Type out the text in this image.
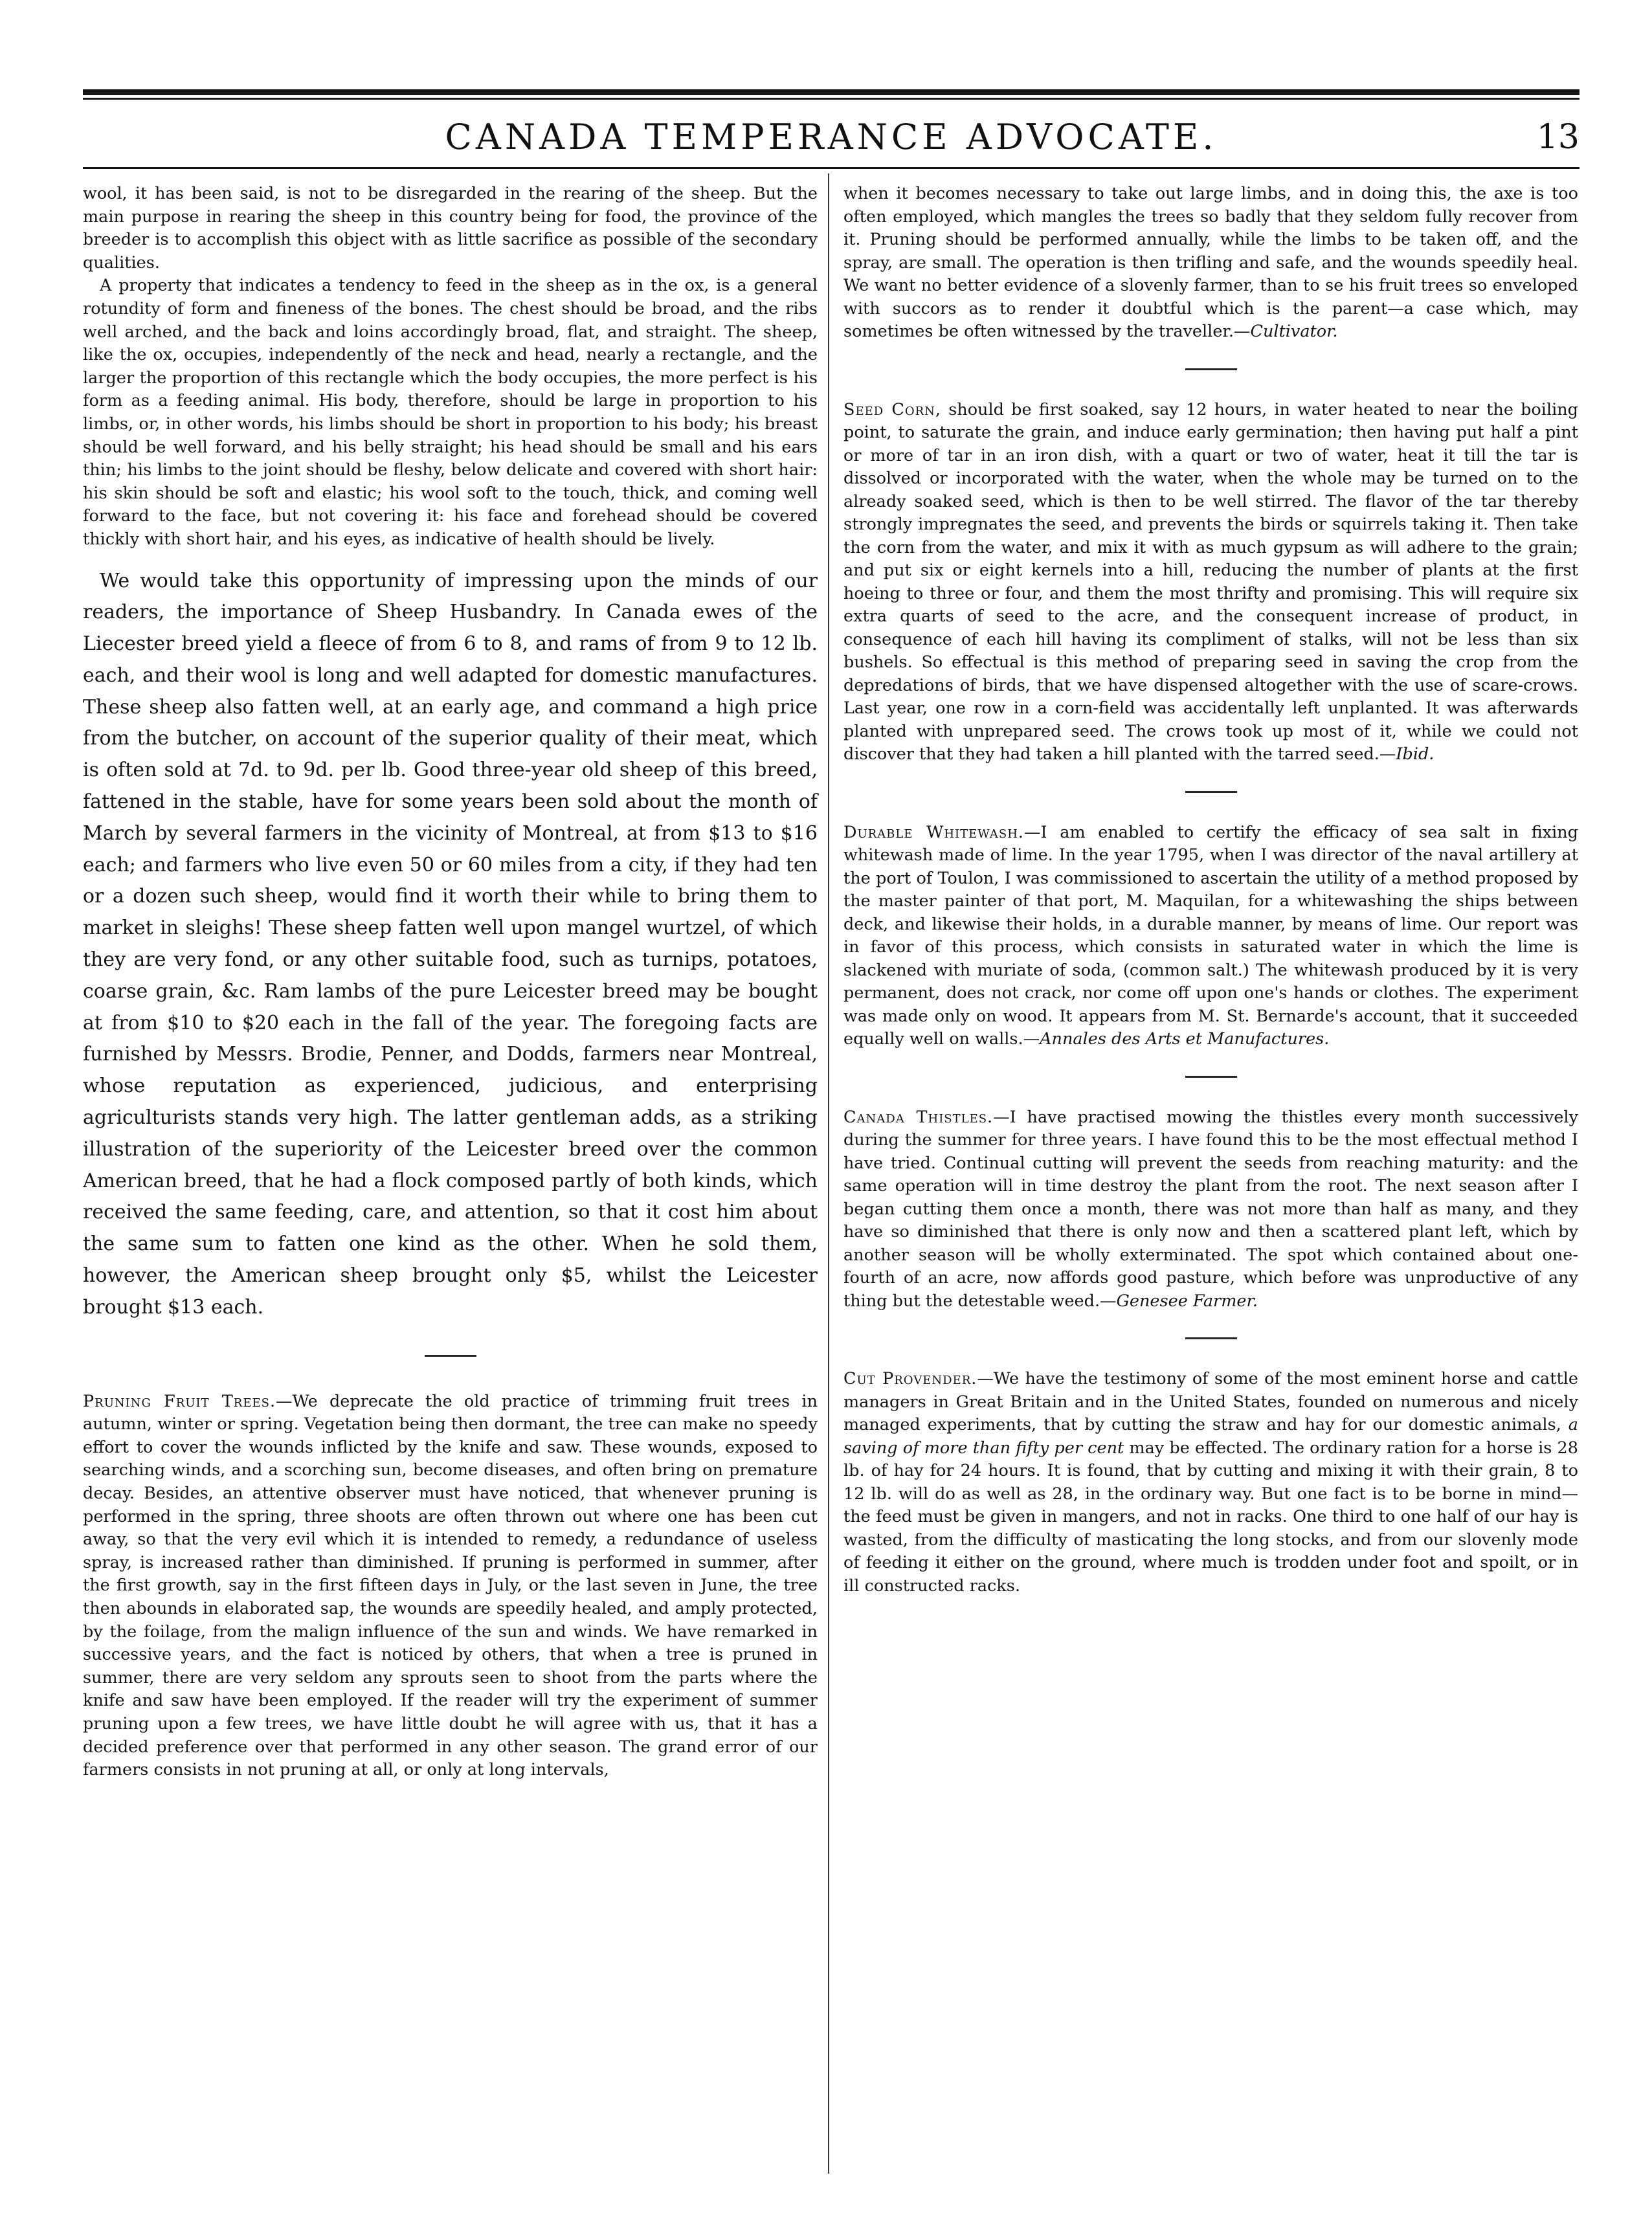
CANADA TEMPERANCE ADVOCATE.	13

wool, it has been said, is not to be disregarded in the rearing of the sheep. But the main purpose in rearing the sheep in this country being for food, the province of the breeder is to accomplish this object with as little sacrifice as possible of the secondary qualities.

A property that indicates a tendency to feed in the sheep as in the ox, is a general rotundity of form and fineness of the bones. The chest should be broad, and the ribs well arched, and the back and loins accordingly broad, flat, and straight. The sheep, like the ox, occupies, independently of the neck and head, nearly a rectangle, and the larger the proportion of this rectangle which the body occupies, the more perfect is his form as a feeding animal. His body, therefore, should be large in proportion to his limbs, or, in other words, his limbs should be short in proportion to his body; his breast should be well forward, and his belly straight; his head should be small and his ears thin; his limbs to the joint should be fleshy, below delicate and covered with short hair: his skin should be soft and elastic; his wool soft to the touch, thick, and coming well forward to the face, but not covering it: his face and forehead should be covered thickly with short hair, and his eyes, as indicative of health should be lively.

We would take this opportunity of impressing upon the minds of our readers, the importance of Sheep Husbandry. In Canada ewes of the Liecester breed yield a fleece of from 6 to 8, and rams of from 9 to 12 lb. each, and their wool is long and well adapted for domestic manufactures. These sheep also fatten well, at an early age, and command a high price from the butcher, on account of the superior quality of their meat, which is often sold at 7d. to 9d. per lb. Good three-year old sheep of this breed, fattened in the stable, have for some years been sold about the month of March by several farmers in the vicinity of Montreal, at from $13 to $16 each; and farmers who live even 50 or 60 miles from a city, if they had ten or a dozen such sheep, would find it worth their while to bring them to market in sleighs! These sheep fatten well upon mangel wurtzel, of which they are very fond, or any other suitable food, such as turnips, potatoes, coarse grain, &c. Ram lambs of the pure Leicester breed may be bought at from $10 to $20 each in the fall of the year. The foregoing facts are furnished by Messrs. Brodie, Penner, and Dodds, farmers near Montreal, whose reputation as experienced, judicious, and enterprising agriculturists stands very high. The latter gentleman adds, as a striking illustration of the superiority of the Leicester breed over the common American breed, that he had a flock composed partly of both kinds, which received the same feeding, care, and attention, so that it cost him about the same sum to fatten one kind as the other. When he sold them, however, the American sheep brought only $5, whilst the Leicester brought $13 each.

Pruning Fruit Trees.—We deprecate the old practice of trimming fruit trees in autumn, winter or spring. Vegetation being then dormant, the tree can make no speedy effort to cover the wounds inflicted by the knife and saw. These wounds, exposed to searching winds, and a scorching sun, become diseases, and often bring on premature decay. Besides, an attentive observer must have noticed, that whenever pruning is performed in the spring, three shoots are often thrown out where one has been cut away, so that the very evil which it is intended to remedy, a redundance of useless spray, is increased rather than diminished. If pruning is performed in summer, after the first growth, say in the first fifteen days in July, or the last seven in June, the tree then abounds in elaborated sap, the wounds are speedily healed, and amply protected, by the foilage, from the malign influence of the sun and winds. We have remarked in successive years, and the fact is noticed by others, that when a tree is pruned in summer, there are very seldom any sprouts seen to shoot from the parts where the knife and saw have been employed. If the reader will try the experiment of summer pruning upon a few trees, we have little doubt he will agree with us, that it has a decided preference over that performed in any other season. The grand error of our farmers consists in not pruning at all, or only at long intervals,

when it becomes necessary to take out large limbs, and in doing this, the axe is too often employed, which mangles the trees so badly that they seldom fully recover from it. Pruning should be performed annually, while the limbs to be taken off, and the spray, are small. The operation is then trifling and safe, and the wounds speedily heal. We want no better evidence of a slovenly farmer, than to se his fruit trees so enveloped with succors as to render it doubtful which is the parent—a case which, may sometimes be often witnessed by the traveller.—Cultivator.

Seed Corn, should be first soaked, say 12 hours, in water heated to near the boiling point, to saturate the grain, and induce early germination; then having put half a pint or more of tar in an iron dish, with a quart or two of water, heat it till the tar is dissolved or incorporated with the water, when the whole may be turned on to the already soaked seed, which is then to be well stirred. The flavor of the tar thereby strongly impregnates the seed, and prevents the birds or squirrels taking it. Then take the corn from the water, and mix it with as much gypsum as will adhere to the grain; and put six or eight kernels into a hill, reducing the number of plants at the first hoeing to three or four, and them the most thrifty and promising. This will require six extra quarts of seed to the acre, and the consequent increase of product, in consequence of each hill having its compliment of stalks, will not be less than six bushels. So effectual is this method of preparing seed in saving the crop from the depredations of birds, that we have dispensed altogether with the use of scare-crows. Last year, one row in a corn-field was accidentally left unplanted. It was afterwards planted with unprepared seed. The crows took up most of it, while we could not discover that they had taken a hill planted with the tarred seed.—Ibid.

Durable Whitewash.—I am enabled to certify the efficacy of sea salt in fixing whitewash made of lime. In the year 1795, when I was director of the naval artillery at the port of Toulon, I was commissioned to ascertain the utility of a method proposed by the master painter of that port, M. Maquilan, for a whitewashing the ships between deck, and likewise their holds, in a durable manner, by means of lime. Our report was in favor of this process, which consists in saturated water in which the lime is slackened with muriate of soda, (common salt.) The whitewash produced by it is very permanent, does not crack, nor come off upon one's hands or clothes. The experiment was made only on wood. It appears from M. St. Bernarde's account, that it succeeded equally well on walls.—Annales des Arts et Manufactures.

Canada Thistles.—I have practised mowing the thistles every month successively during the summer for three years. I have found this to be the most effectual method I have tried. Continual cutting will prevent the seeds from reaching maturity: and the same operation will in time destroy the plant from the root. The next season after I began cutting them once a month, there was not more than half as many, and they have so diminished that there is only now and then a scattered plant left, which by another season will be wholly exterminated. The spot which contained about one-fourth of an acre, now affords good pasture, which before was unproductive of any thing but the detestable weed.—Genesee Farmer.

Cut Provender.—We have the testimony of some of the most eminent horse and cattle managers in Great Britain and in the United States, founded on numerous and nicely managed experiments, that by cutting the straw and hay for our domestic animals, a saving of more than fifty per cent may be effected. The ordinary ration for a horse is 28 lb. of hay for 24 hours. It is found, that by cutting and mixing it with their grain, 8 to 12 lb. will do as well as 28, in the ordinary way. But one fact is to be borne in mind—the feed must be given in mangers, and not in racks. One third to one half of our hay is wasted, from the difficulty of masticating the long stocks, and from our slovenly mode of feeding it either on the ground, where much is trodden under foot and spoilt, or in ill constructed racks.
